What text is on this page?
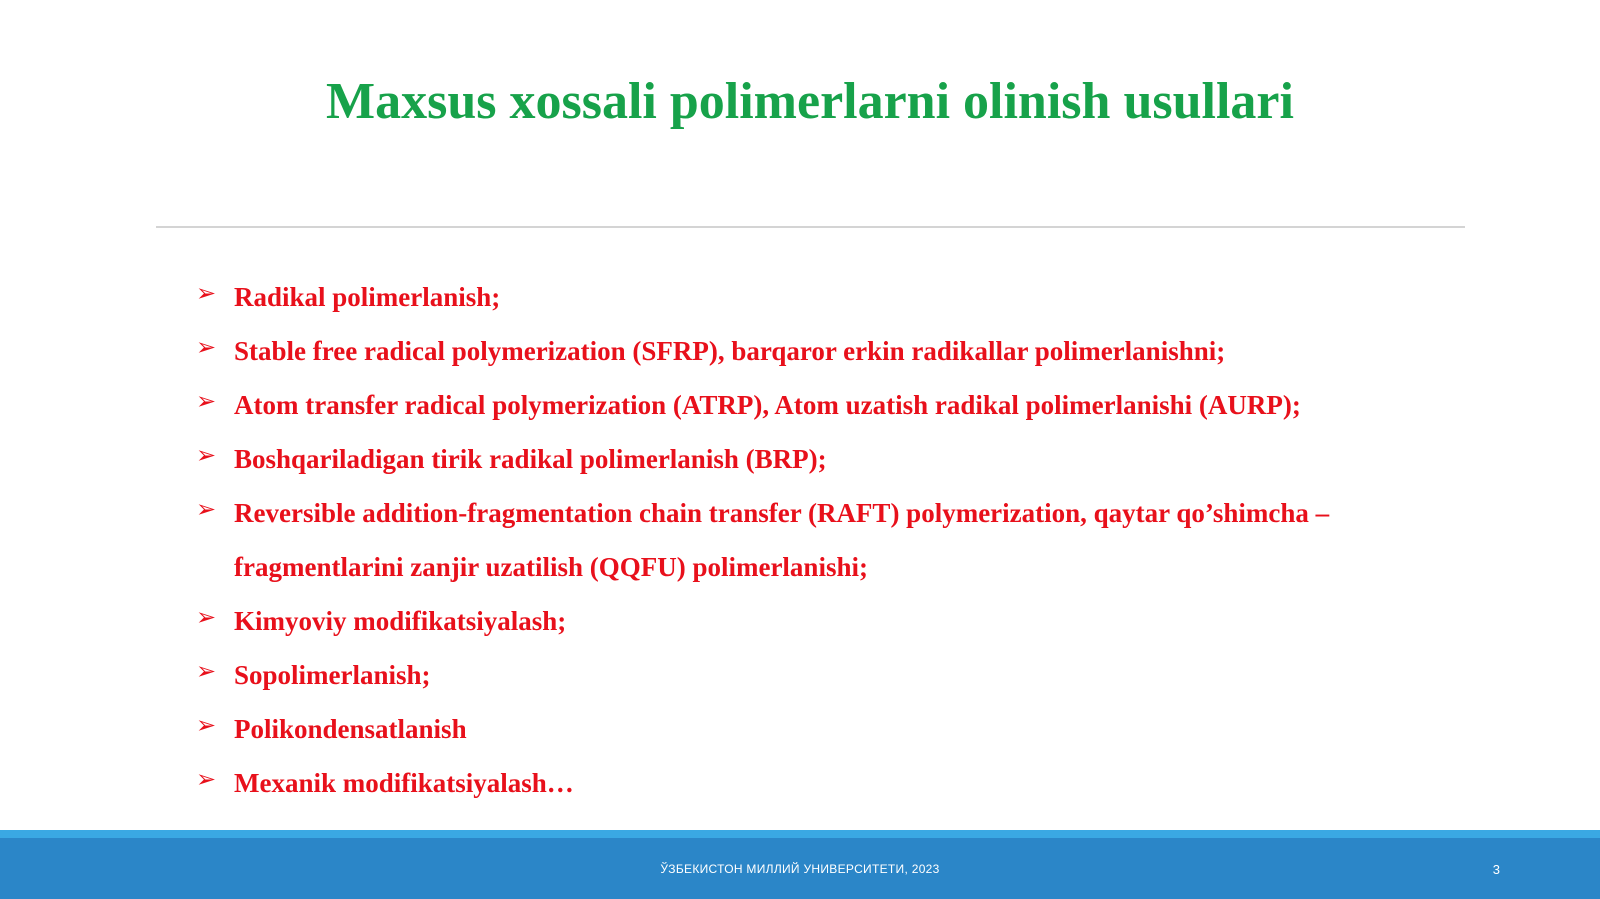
Maxsus xossali polimerlarni olinish usullari
➢ Radikal polimerlanish;
➢ Stable free radical polymerization (SFRP), barqaror erkin radikallar polimerlanishni;
➢ Atom transfer radical polymerization (ATRP), Atom uzatish radikal polimerlanishi (AURP);
➢ Boshqariladigan tirik radikal polimerlanish (BRP);
➢ Reversible addition-fragmentation chain transfer (RAFT) polymerization, qaytar qo’shimcha – fragmentlarini zanjir uzatilish (QQFU) polimerlanishi;
➢ Kimyoviy modifikatsiyalash;
➢ Sopolimerlanish;
➢ Polikondensatlanish
➢ Mexanik modifikatsiyalash…
ЎЗБЕКИСТОН МИЛЛИЙ УНИВЕРСИТЕТИ, 2023	3
